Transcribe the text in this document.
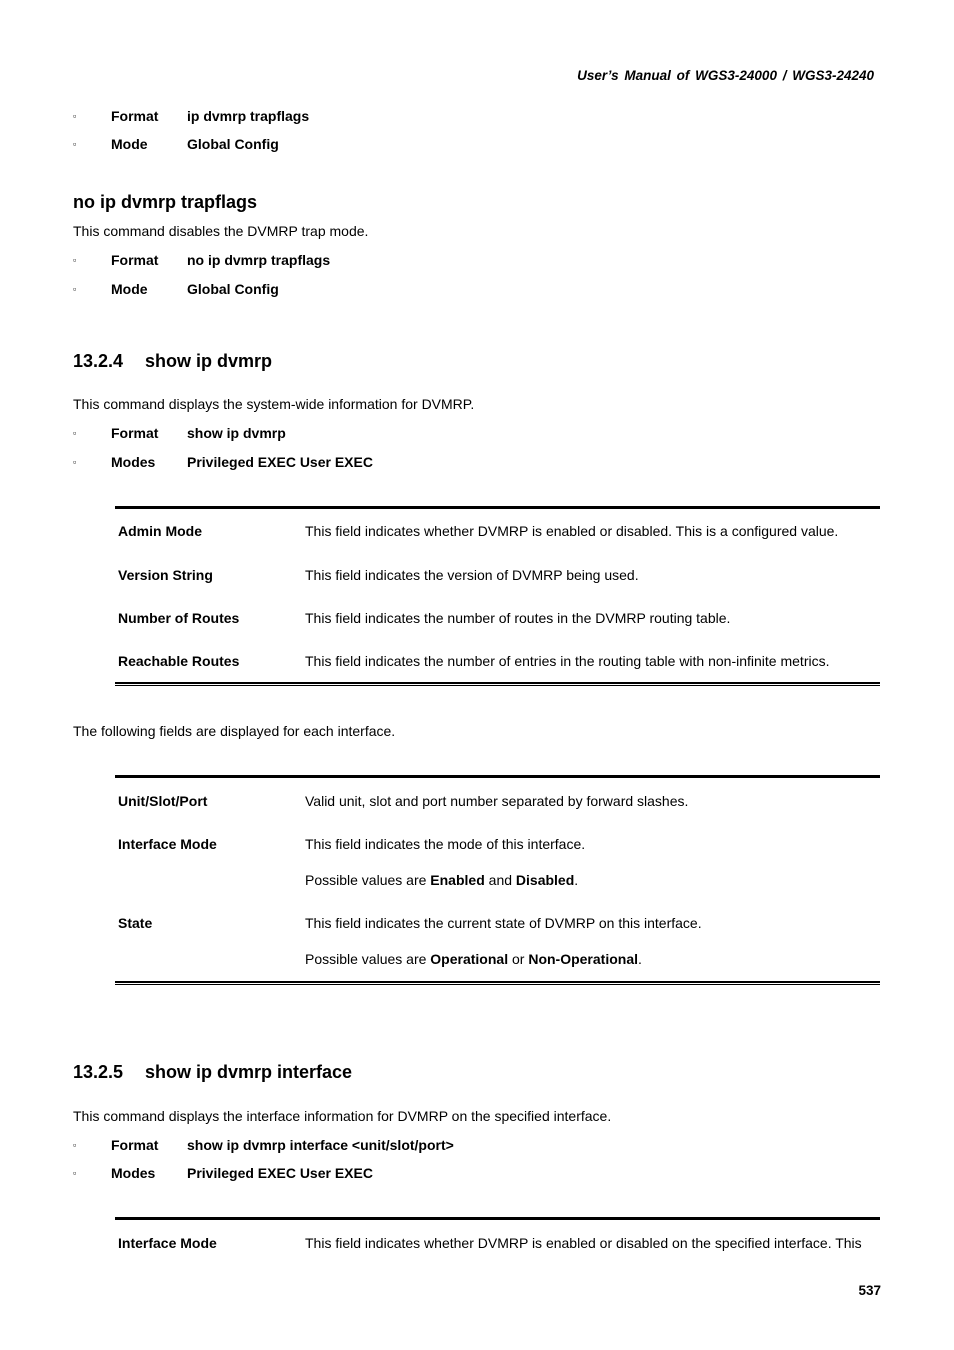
User’s Manual of WGS3-24000 / WGS3-24240
▫ Format ip dvmrp trapflags
▫ Mode	Global Config
no ip dvmrp trapflags
This command disables the DVMRP trap mode.
▫ Format no ip dvmrp trapflags
▫ Mode	Global Config
13.2.4 show ip dvmrp
This command displays the system-wide information for DVMRP.
▫ Format show ip dvmrp
▫ Modes Privileged EXEC User EXEC
Admin Mode	This field indicates whether DVMRP is enabled or disabled. This is a configured value.
Version String	This field indicates the version of DVMRP being used.
Number of Routes	This field indicates the number of routes in the DVMRP routing table.
Reachable Routes	This field indicates the number of entries in the routing table with non-infinite metrics.
The following fields are displayed for each interface.
Unit/Slot/Port	Valid unit, slot and port number separated by forward slashes.
Interface Mode	This field indicates the mode of this interface.
Possible values are Enabled and Disabled.
State	This field indicates the current state of DVMRP on this interface.
Possible values are Operational or Non-Operational.
13.2.5 show ip dvmrp interface
This command displays the interface information for DVMRP on the specified interface.
▫ Format show ip dvmrp interface <unit/slot/port>
▫ Modes Privileged EXEC User EXEC
Interface Mode	This field indicates whether DVMRP is enabled or disabled on the specified interface. This
537
